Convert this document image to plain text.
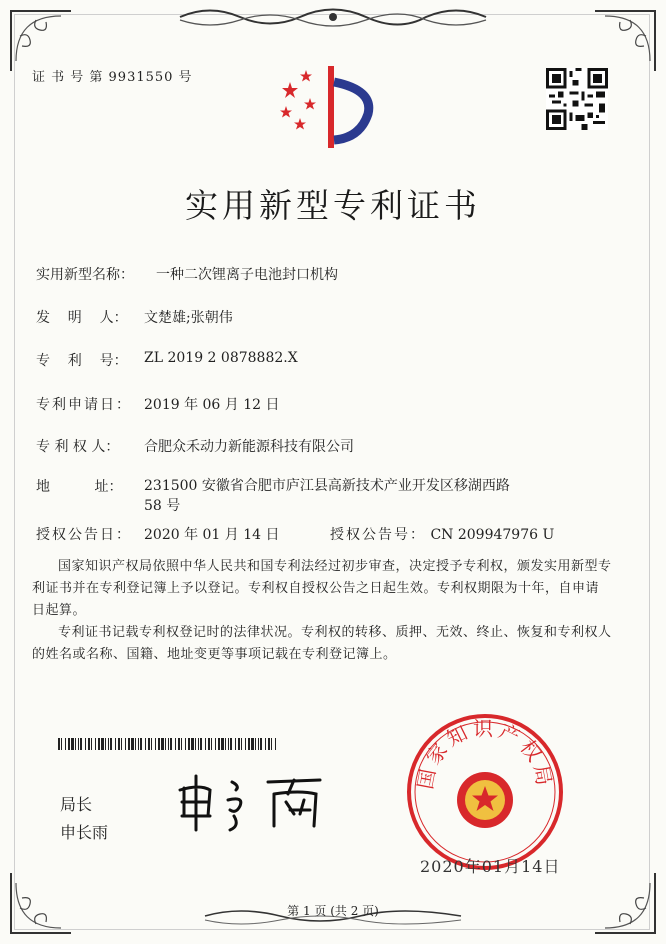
证 书 号 第 9931550 号
实用新型专利证书
实用新型名称： 一种二次锂离子电池封口机构
发    明    人： 文楚雄;张朝伟
专    利    号： ZL 2019 2 0878882.X
专利申请日： 2019 年 06 月 12 日
专 利 权 人： 合肥众禾动力新能源科技有限公司
地          址： 231500 安徽省合肥市庐江县高新技术产业开发区移湖西路 58 号
授权公告日： 2020 年 01 月 14 日	授权公告号： CN 209947976 U
国家知识产权局依照中华人民共和国专利法经过初步审查，决定授予专利权，颁发实用新型专利证书并在专利登记簿上予以登记。专利权自授权公告之日起生效。专利权期限为十年，自申请日起算。
专利证书记载专利权登记时的法律状况。专利权的转移、质押、无效、终止、恢复和专利权人的姓名或名称、国籍、地址变更等事项记载在专利登记簿上。
局长
申长雨
国家知识产权局
2020年01月14日
第 1 页 (共 2 页)
